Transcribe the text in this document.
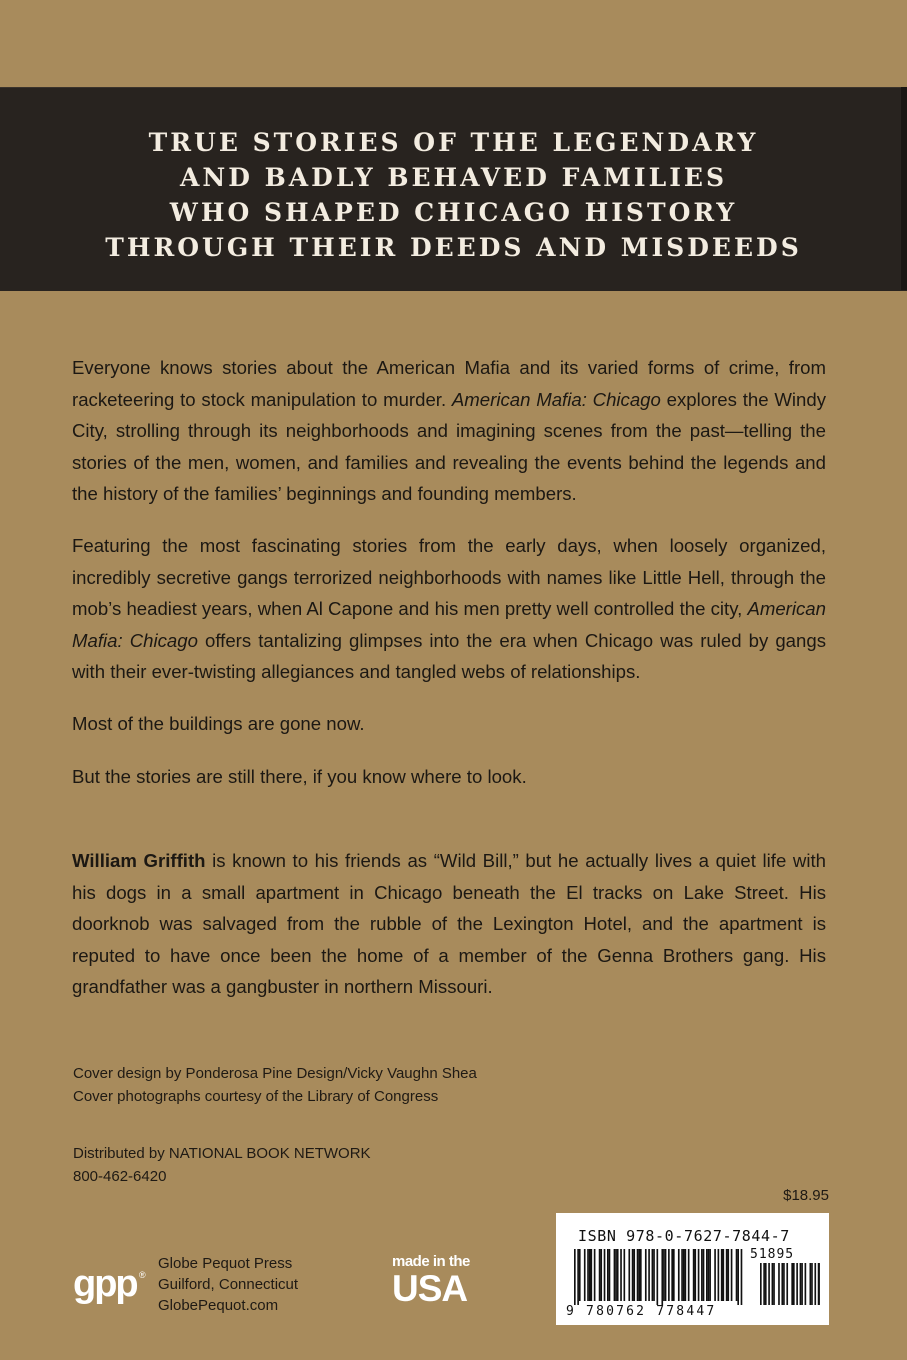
TRUE STORIES OF THE LEGENDARY
AND BADLY BEHAVED FAMILIES
WHO SHAPED CHICAGO HISTORY
THROUGH THEIR DEEDS AND MISDEEDS

Everyone knows stories about the American Mafia and its varied forms of crime, from racketeering to stock manipulation to murder. American Mafia: Chicago explores the Windy City, strolling through its neighborhoods and imagining scenes from the past—telling the stories of the men, women, and families and revealing the events behind the legends and the history of the families’ beginnings and founding members.

Featuring the most fascinating stories from the early days, when loosely organized, incredibly secretive gangs terrorized neighborhoods with names like Little Hell, through the mob’s headiest years, when Al Capone and his men pretty well controlled the city, American Mafia: Chicago offers tantalizing glimpses into the era when Chicago was ruled by gangs with their ever-twisting allegiances and tangled webs of relationships.

Most of the buildings are gone now.

But the stories are still there, if you know where to look.

William Griffith is known to his friends as “Wild Bill,” but he actually lives a quiet life with his dogs in a small apartment in Chicago beneath the El tracks on Lake Street. His doorknob was salvaged from the rubble of the Lexington Hotel, and the apartment is reputed to have once been the home of a member of the Genna Brothers gang. His grandfather was a gangbuster in northern Missouri.

Cover design by Ponderosa Pine Design/Vicky Vaughn Shea
Cover photographs courtesy of the Library of Congress
Distributed by NATIONAL BOOK NETWORK
800-462-6420
$18.95
ISBN 978-0-7627-7844-7
51895
9 780762 778447
gpp ®
Globe Pequot Press
Guilford, Connecticut
GlobePequot.com
made in the
USA
